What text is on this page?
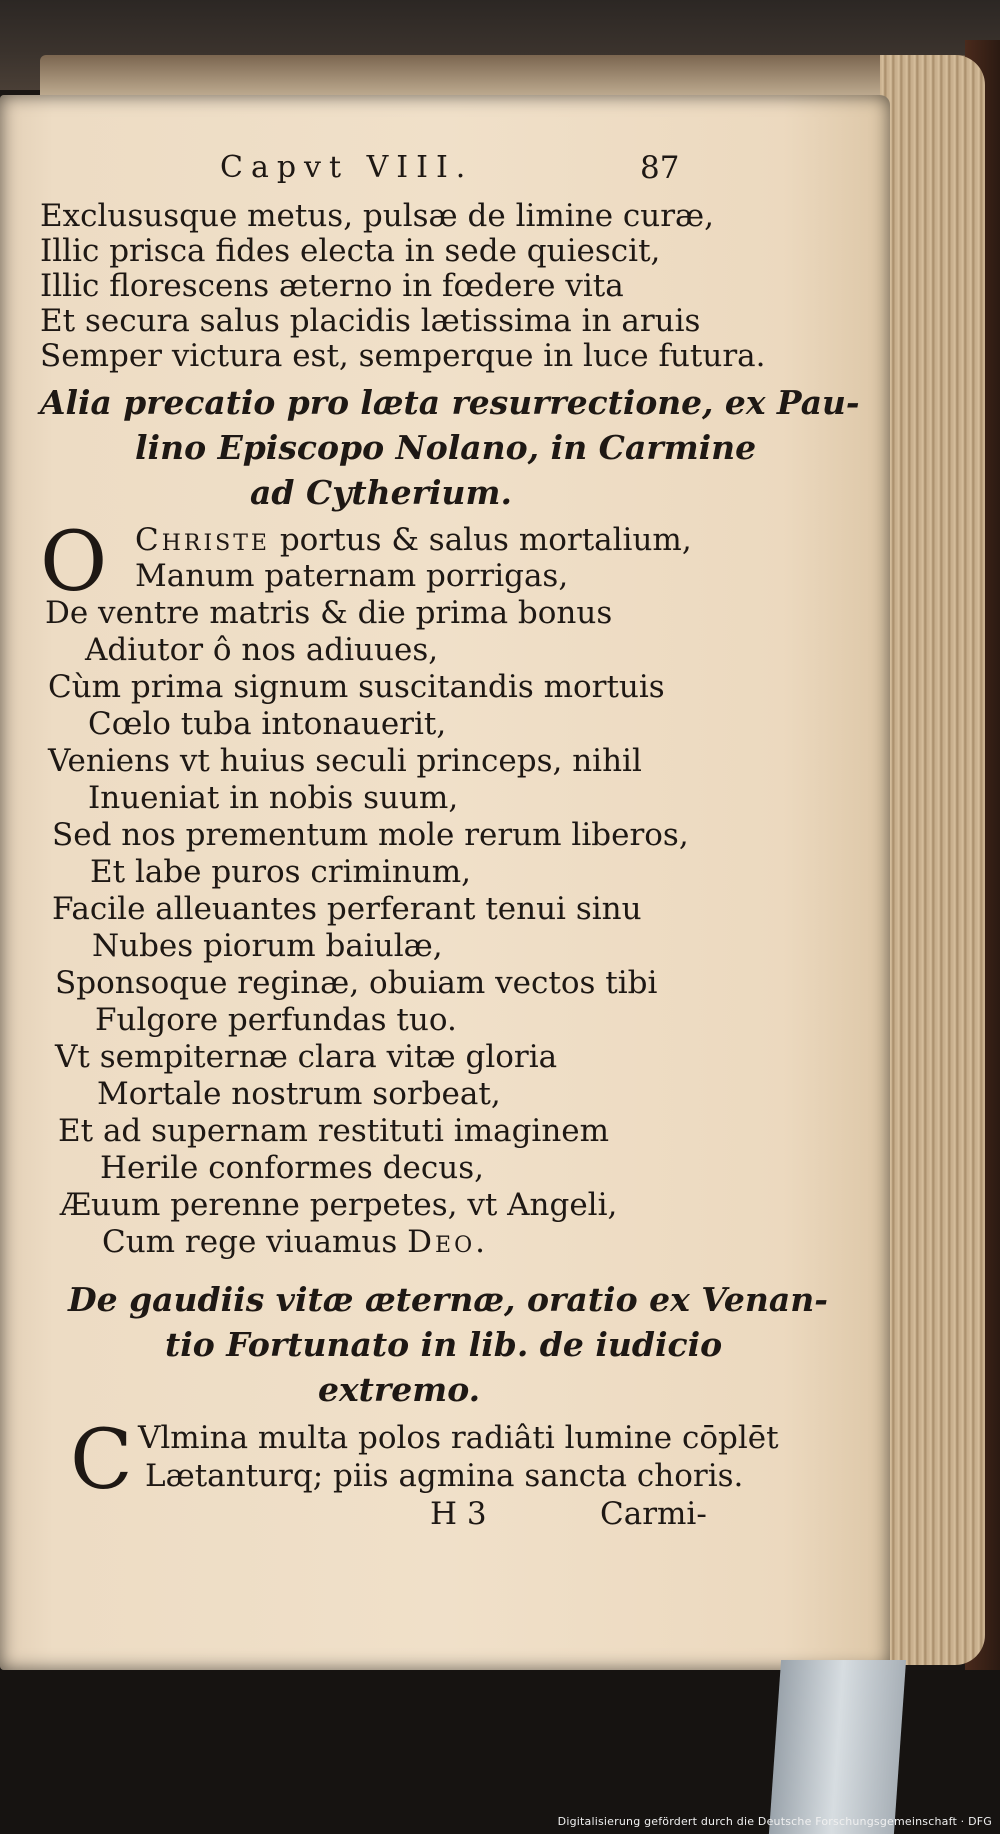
Capvt VIII.	87
Exclususque metus, pulsæ de limine curæ,
Illic prisca fides electa in sede quiescit,
Illic florescens æterno in fœdere vita
Et secura salus placidis lætissima in aruis
Semper victura est, semperque in luce futura.
Alia precatio pro læta resurrectione, ex Pau-
lino Episcopo Nolano, in Carmine
ad Cytherium.
O Christe portus & salus mortalium,
Manum paternam porrigas,
De ventre matris & die prima bonus
Adiutor ô nos adiuues,
Cùm prima signum suscitandis mortuis
Cœlo tuba intonauerit,
Veniens vt huius seculi princeps, nihil
Inueniat in nobis suum,
Sed nos prementum mole rerum liberos,
Et labe puros criminum,
Facile alleuantes perferant tenui sinu
Nubes piorum baiulæ,
Sponsoque reginæ, obuiam vectos tibi
Fulgore perfundas tuo.
Vt sempiternæ clara vitæ gloria
Mortale nostrum sorbeat,
Et ad supernam restituti imaginem
Herile conformes decus,
Æuum perenne perpetes, vt Angeli,
Cum rege viuamus Deo.
De gaudiis vitæ æternæ, oratio ex Venan-
tio Fortunato in lib. de iudicio
extremo.
C Vlmina multa polos radiâti lumine cōplēt
Lætanturq; piis agmina sancta choris.
H 3	Carmi-
Digitalisierung gefördert durch die Deutsche Forschungsgemeinschaft · DFG
